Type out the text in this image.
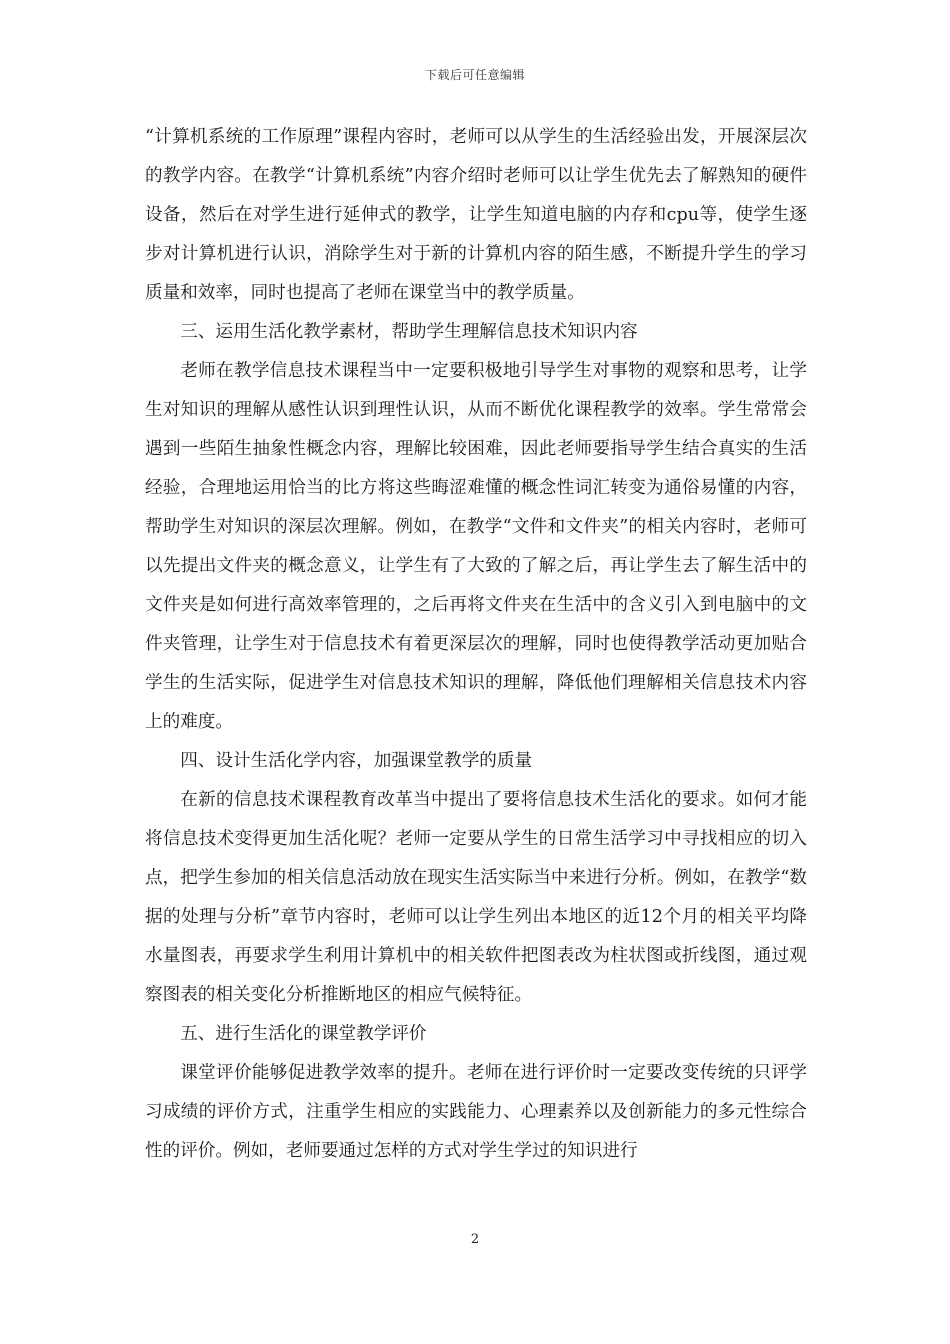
下载后可任意编辑

“计算机系统的工作原理”课程内容时，老师可以从学生的生活经验出发，开展深层次的教学内容。在教学“计算机系统”内容介绍时老师可以让学生优先去了解熟知的硬件设备，然后在对学生进行延伸式的教学，让学生知道电脑的内存和cpu等，使学生逐步对计算机进行认识，消除学生对于新的计算机内容的陌生感，不断提升学生的学习质量和效率，同时也提高了老师在课堂当中的教学质量。

三、运用生活化教学素材，帮助学生理解信息技术知识内容

老师在教学信息技术课程当中一定要积极地引导学生对事物的观察和思考，让学生对知识的理解从感性认识到理性认识，从而不断优化课程教学的效率。学生常常会遇到一些陌生抽象性概念内容，理解比较困难，因此老师要指导学生结合真实的生活经验，合理地运用恰当的比方将这些晦涩难懂的概念性词汇转变为通俗易懂的内容，帮助学生对知识的深层次理解。例如，在教学“文件和文件夹”的相关内容时，老师可以先提出文件夹的概念意义，让学生有了大致的了解之后，再让学生去了解生活中的文件夹是如何进行高效率管理的，之后再将文件夹在生活中的含义引入到电脑中的文件夹管理，让学生对于信息技术有着更深层次的理解，同时也使得教学活动更加贴合学生的生活实际，促进学生对信息技术知识的理解，降低他们理解相关信息技术内容上的难度。

四、设计生活化学内容，加强课堂教学的质量

在新的信息技术课程教育改革当中提出了要将信息技术生活化的要求。如何才能将信息技术变得更加生活化呢？老师一定要从学生的日常生活学习中寻找相应的切入点，把学生参加的相关信息活动放在现实生活实际当中来进行分析。例如，在教学“数据的处理与分析”章节内容时，老师可以让学生列出本地区的近12个月的相关平均降水量图表，再要求学生利用计算机中的相关软件把图表改为柱状图或折线图，通过观察图表的相关变化分析推断地区的相应气候特征。

五、进行生活化的课堂教学评价

课堂评价能够促进教学效率的提升。老师在进行评价时一定要改变传统的只评学习成绩的评价方式，注重学生相应的实践能力、心理素养以及创新能力的多元性综合性的评价。例如，老师要通过怎样的方式对学生学过的知识进行

2
